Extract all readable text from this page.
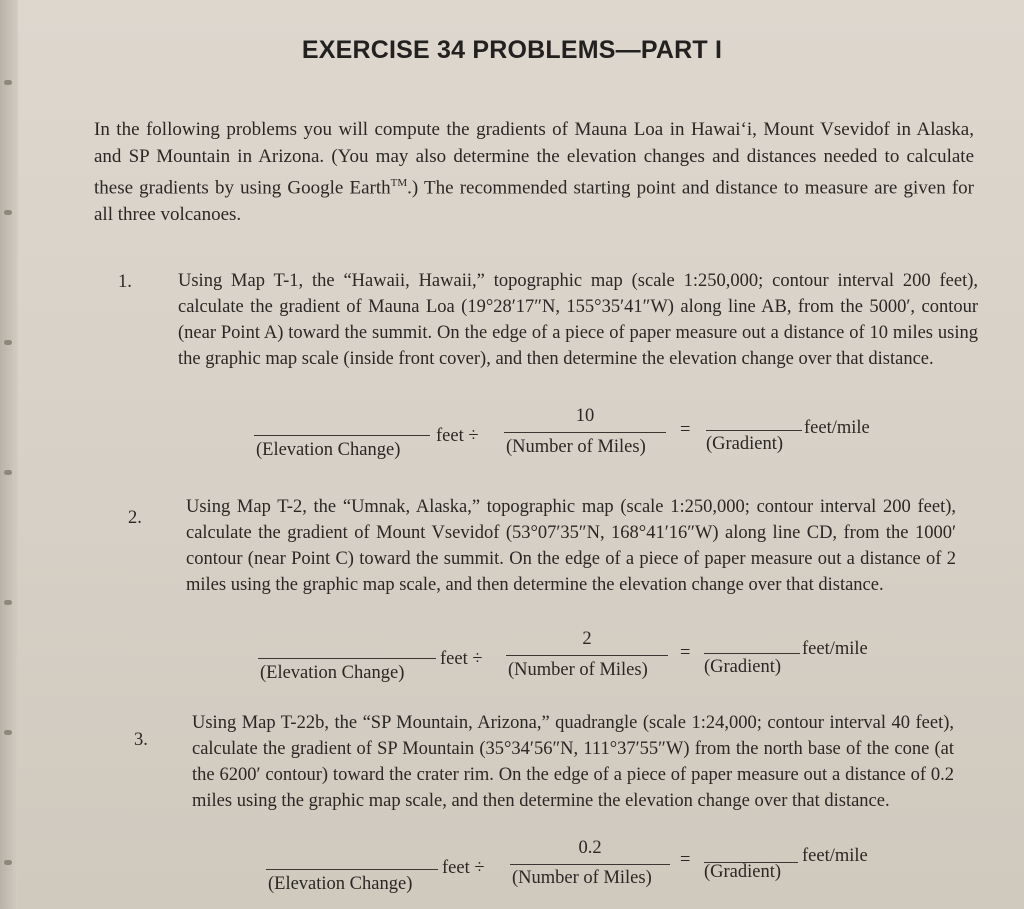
EXERCISE 34 PROBLEMS—PART I
In the following problems you will compute the gradients of Mauna Loa in Hawai‘i, Mount Vsevidof in Alaska, and SP Mountain in Arizona. (You may also determine the elevation changes and distances needed to calculate these gradients by using Google Earth™.) The recommended starting point and distance to measure are given for all three volcanoes.
1. Using Map T-1, the “Hawaii, Hawaii,” topographic map (scale 1:250,000; contour interval 200 feet), calculate the gradient of Mauna Loa (19°28′17″N, 155°35′41″W) along line AB, from the 5000′, contour (near Point A) toward the summit. On the edge of a piece of paper measure out a distance of 10 miles using the graphic map scale (inside front cover), and then determine the elevation change over that distance.
(Elevation Change)
feet ÷
10
(Number of Miles)
=
(Gradient)
feet/mile
2.
Using Map T-2, the “Umnak, Alaska,” topographic map (scale 1:250,000; contour interval 200 feet), calculate the gradient of Mount Vsevidof (53°07′35″N, 168°41′16″W) along line CD, from the 1000′ contour (near Point C) toward the summit. On the edge of a piece of paper measure out a distance of 2 miles using the graphic map scale, and then determine the elevation change over that distance.
(Elevation Change)
feet ÷
2
(Number of Miles)
=
(Gradient)
feet/mile
3.
Using Map T-22b, the “SP Mountain, Arizona,” quadrangle (scale 1:24,000; contour interval 40 feet), calculate the gradient of SP Mountain (35°34′56″N, 111°37′55″W) from the north base of the cone (at the 6200′ contour) toward the crater rim. On the edge of a piece of paper measure out a distance of 0.2 miles using the graphic map scale, and then determine the elevation change over that distance.
(Elevation Change)
feet ÷
0.2
(Number of Miles)
=
(Gradient)
feet/mile
